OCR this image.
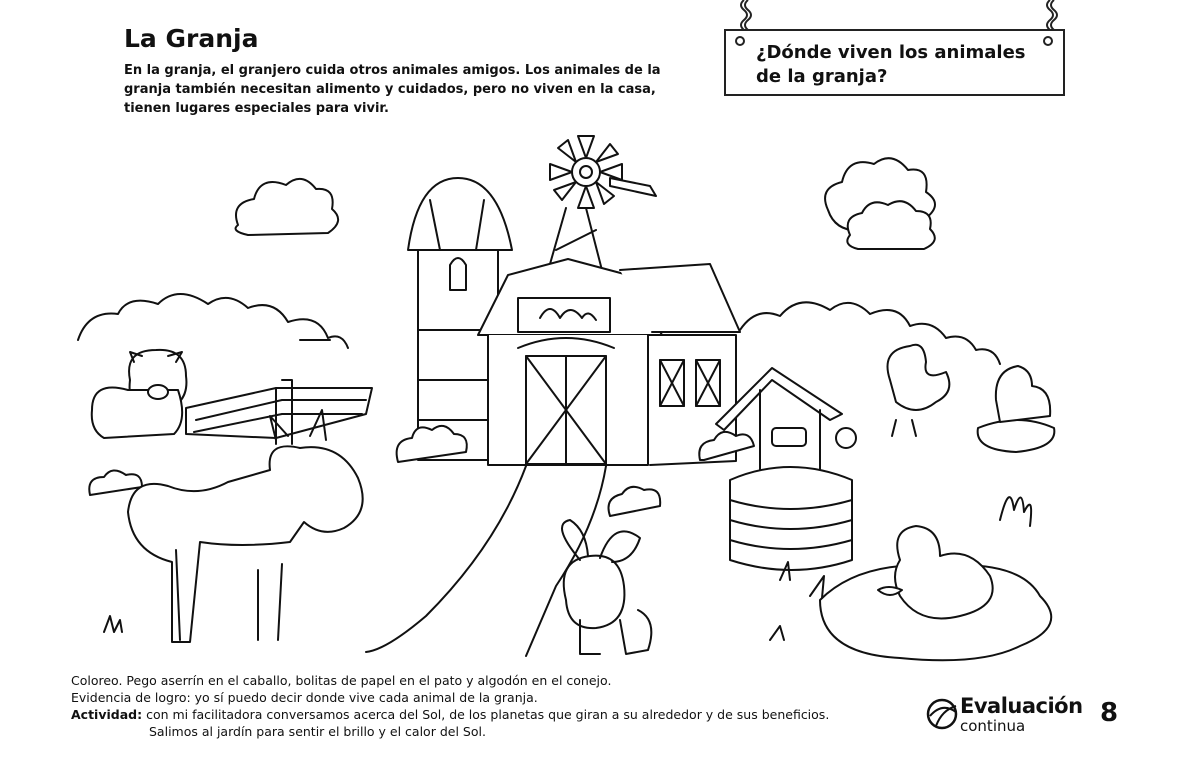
La Granja
En la granja, el granjero cuida otros animales amigos. Los animales de la
granja también necesitan alimento y cuidados, pero no viven en la casa,
tienen lugares especiales para vivir.
¿Dónde viven los animales
de la granja?
Coloreo. Pego aserrín en el caballo, bolitas de papel en el pato y algodón en el conejo.
Evidencia de logro: yo sí puedo decir donde vive cada animal de la granja.
Actividad: con mi facilitadora conversamos acerca del Sol, de los planetas que giran a su alrededor y de sus beneficios.
Salimos al jardín para sentir el brillo y el calor del Sol.
Evaluación
continua	8
